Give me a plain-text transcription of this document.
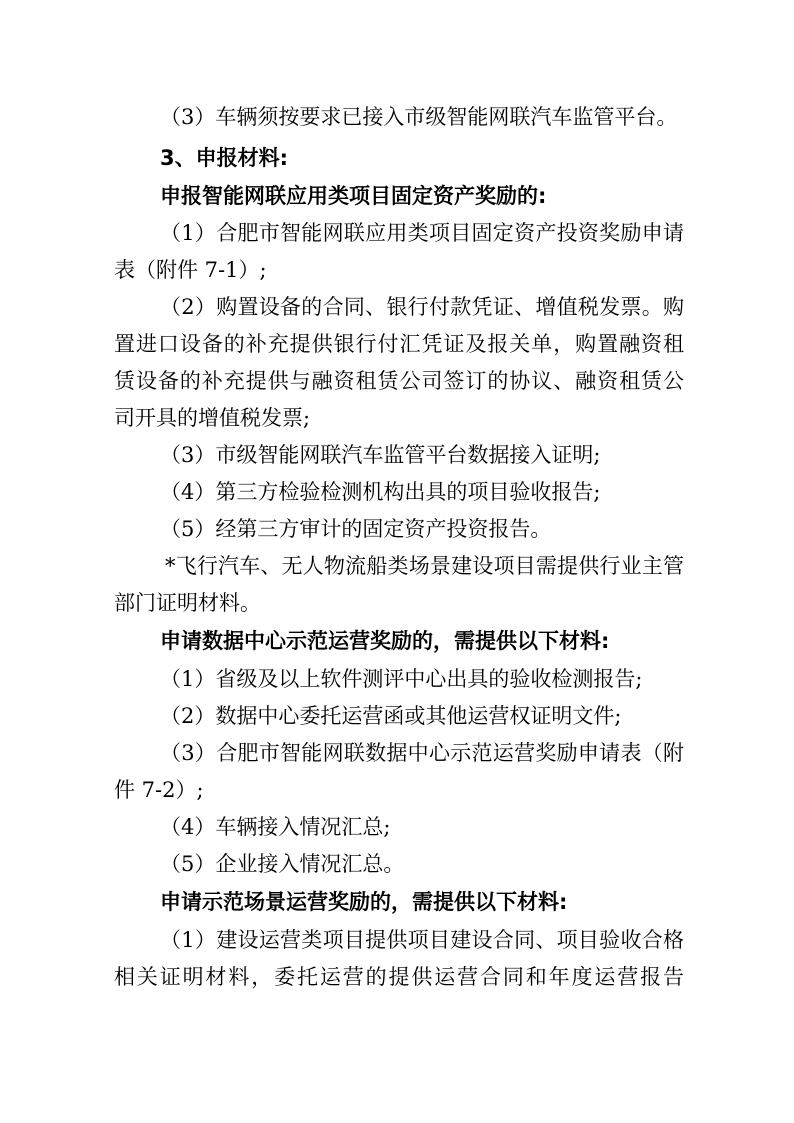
（3）车辆须按要求已接入市级智能网联汽车监管平台。
3、申报材料:
申报智能网联应用类项目固定资产奖励的:
（1）合肥市智能网联应用类项目固定资产投资奖励申请
表（附件 7-1）;
（2）购置设备的合同、银行付款凭证、增值税发票。购
置进口设备的补充提供银行付汇凭证及报关单，购置融资租
赁设备的补充提供与融资租赁公司签订的协议、融资租赁公
司开具的增值税发票;
（3）市级智能网联汽车监管平台数据接入证明;
（4）第三方检验检测机构出具的项目验收报告;
（5）经第三方审计的固定资产投资报告。
*飞行汽车、无人物流船类场景建设项目需提供行业主管
部门证明材料。
申请数据中心示范运营奖励的，需提供以下材料:
（1）省级及以上软件测评中心出具的验收检测报告;
（2）数据中心委托运营函或其他运营权证明文件;
（3）合肥市智能网联数据中心示范运营奖励申请表（附
件 7-2）;
（4）车辆接入情况汇总;
（5）企业接入情况汇总。
申请示范场景运营奖励的，需提供以下材料:
（1）建设运营类项目提供项目建设合同、项目验收合格
相关证明材料，委托运营的提供运营合同和年度运营报告
